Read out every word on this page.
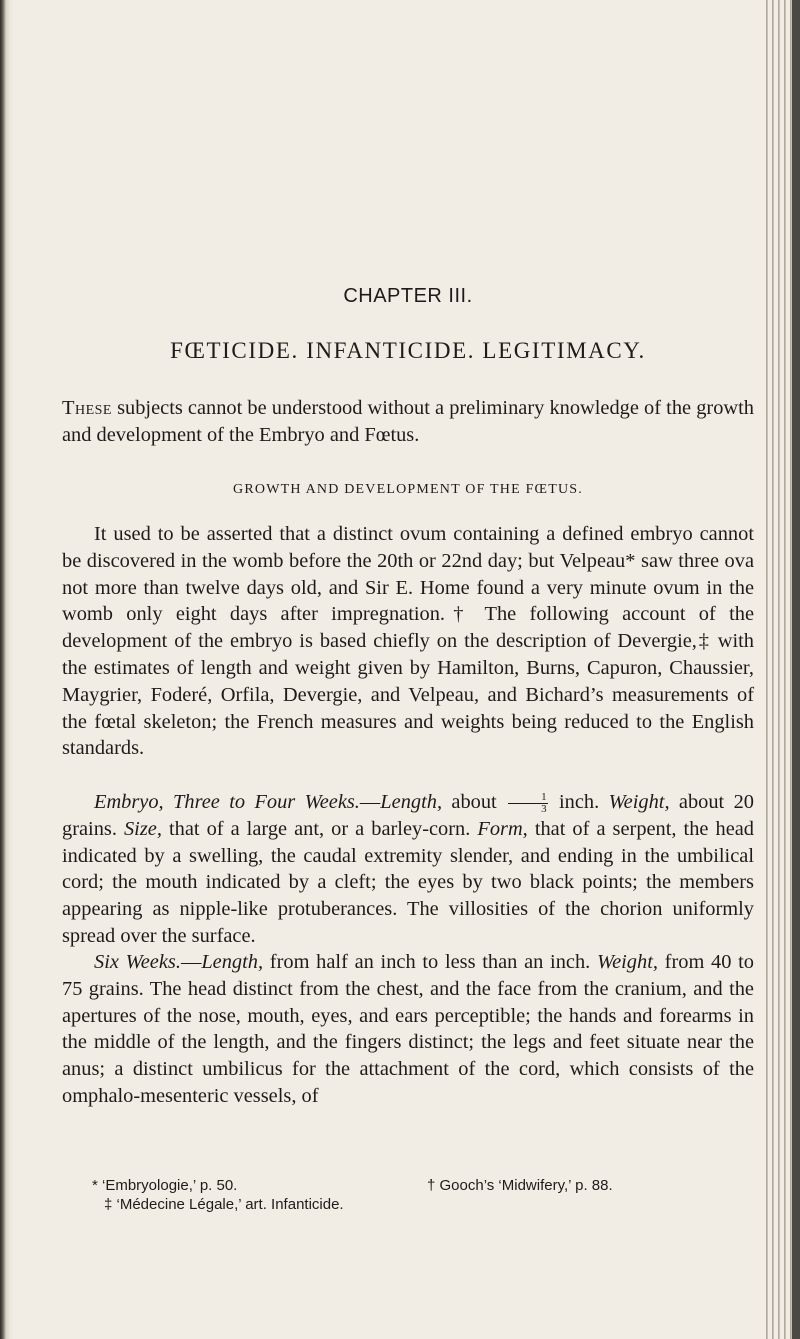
CHAPTER III.
FŒTICIDE. INFANTICIDE. LEGITIMACY.

These subjects cannot be understood without a preliminary knowledge of the growth and development of the Embryo and Fœtus.

GROWTH AND DEVELOPMENT OF THE FŒTUS.

It used to be asserted that a distinct ovum containing a defined embryo cannot be discovered in the womb before the 20th or 22nd day; but Velpeau* saw three ova not more than twelve days old, and Sir E. Home found a very minute ovum in the womb only eight days after impregnation.† The following account of the development of the embryo is based chiefly on the description of Devergie,‡ with the estimates of length and weight given by Hamilton, Burns, Capuron, Chaussier, Maygrier, Foderé, Orfila, Devergie, and Velpeau, and Bichard’s measurements of the fœtal skeleton; the French measures and weights being reduced to the English standards.

Embryo, Three to Four Weeks.—Length, about $\frac{1}{3}$ inch. Weight, about 20 grains. Size, that of a large ant, or a barley-corn. Form, that of a serpent, the head indicated by a swelling, the caudal extremity slender, and ending in the umbilical cord; the mouth indicated by a cleft; the eyes by two black points; the members appearing as nipple-like protuberances. The villosities of the chorion uniformly spread over the surface.

Six Weeks.—Length, from half an inch to less than an inch. Weight, from 40 to 75 grains. The head distinct from the chest, and the face from the cranium, and the apertures of the nose, mouth, eyes, and ears perceptible; the hands and forearms in the middle of the length, and the fingers distinct; the legs and feet situate near the anus; a distinct umbilicus for the attachment of the cord, which consists of the omphalo-mesenteric vessels, of

* ‘Embryologie,’ p. 50.	† Gooch’s ‘Midwifery,’ p. 88.
‡ ‘Médecine Légale,’ art. Infanticide.
